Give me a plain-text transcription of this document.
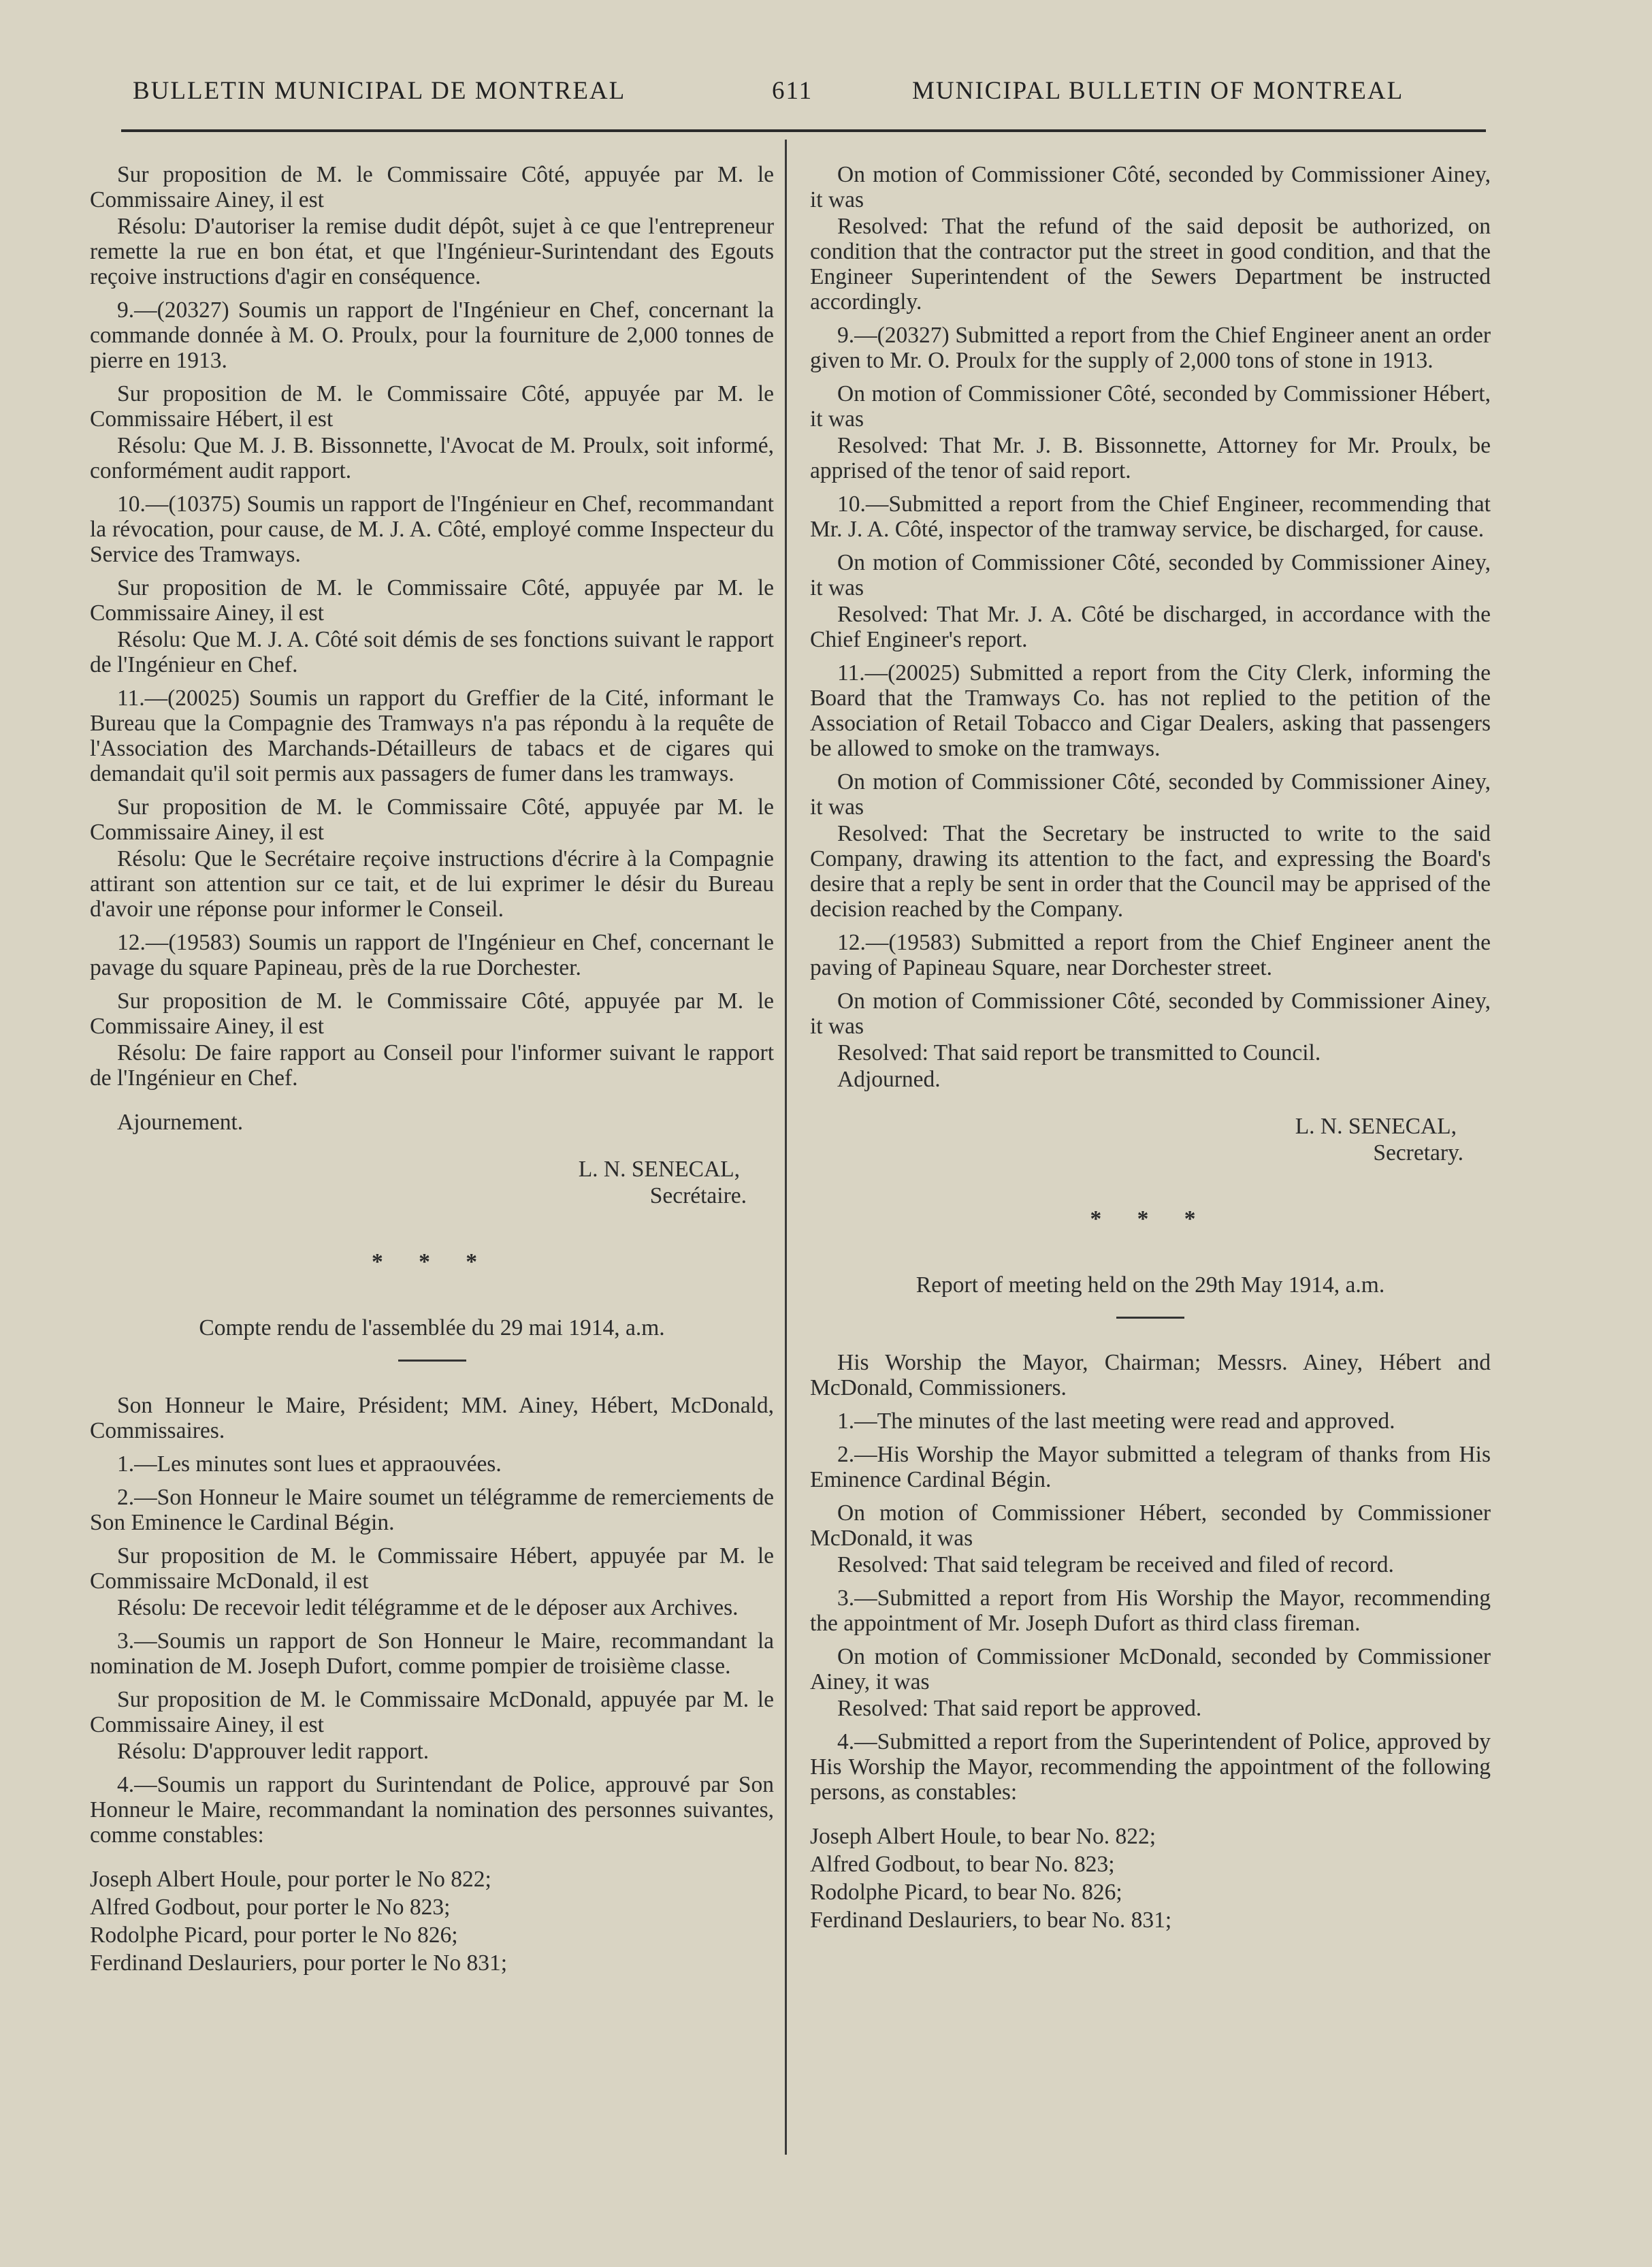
BULLETIN MUNICIPAL DE MONTREAL	611	MUNICIPAL BULLETIN OF MONTREAL

Sur proposition de M. le Commissaire Côté, appuyée par M. le Commissaire Ainey, il est

Résolu: D'autoriser la remise dudit dépôt, sujet à ce que l'entrepreneur remette la rue en bon état, et que l'Ingénieur-Surintendant des Egouts reçoive instructions d'agir en conséquence.

9.—(20327) Soumis un rapport de l'Ingénieur en Chef, concernant la commande donnée à M. O. Proulx, pour la fourniture de 2,000 tonnes de pierre en 1913.

Sur proposition de M. le Commissaire Côté, appuyée par M. le Commissaire Hébert, il est

Résolu: Que M. J. B. Bissonnette, l'Avocat de M. Proulx, soit informé, conformément audit rapport.

10.—(10375) Soumis un rapport de l'Ingénieur en Chef, recommandant la révocation, pour cause, de M. J. A. Côté, employé comme Inspecteur du Service des Tramways.

Sur proposition de M. le Commissaire Côté, appuyée par M. le Commissaire Ainey, il est

Résolu: Que M. J. A. Côté soit démis de ses fonctions suivant le rapport de l'Ingénieur en Chef.

11.—(20025) Soumis un rapport du Greffier de la Cité, informant le Bureau que la Compagnie des Tramways n'a pas répondu à la requête de l'Association des Marchands-Détailleurs de tabacs et de cigares qui demandait qu'il soit permis aux passagers de fumer dans les tramways.

Sur proposition de M. le Commissaire Côté, appuyée par M. le Commissaire Ainey, il est

Résolu: Que le Secrétaire reçoive instructions d'écrire à la Compagnie attirant son attention sur ce tait, et de lui exprimer le désir du Bureau d'avoir une réponse pour informer le Conseil.

12.—(19583) Soumis un rapport de l'Ingénieur en Chef, concernant le pavage du square Papineau, près de la rue Dorchester.

Sur proposition de M. le Commissaire Côté, appuyée par M. le Commissaire Ainey, il est

Résolu: De faire rapport au Conseil pour l'informer suivant le rapport de l'Ingénieur en Chef.

Ajournement.

L. N. SENECAL,

Secrétaire.

* * *

Compte rendu de l'assemblée du 29 mai 1914, a.m.

Son Honneur le Maire, Président; MM. Ainey, Hébert, McDonald, Commissaires.

1.—Les minutes sont lues et appraouvées.

2.—Son Honneur le Maire soumet un télégramme de remerciements de Son Eminence le Cardinal Bégin.

Sur proposition de M. le Commissaire Hébert, appuyée par M. le Commissaire McDonald, il est

Résolu: De recevoir ledit télégramme et de le déposer aux Archives.

3.—Soumis un rapport de Son Honneur le Maire, recommandant la nomination de M. Joseph Dufort, comme pompier de troisième classe.

Sur proposition de M. le Commissaire McDonald, appuyée par M. le Commissaire Ainey, il est

Résolu: D'approuver ledit rapport.

4.—Soumis un rapport du Surintendant de Police, approuvé par Son Honneur le Maire, recommandant la nomination des personnes suivantes, comme constables:

Joseph Albert Houle, pour porter le No 822;

Alfred Godbout, pour porter le No 823;

Rodolphe Picard, pour porter le No 826;

Ferdinand Deslauriers, pour porter le No 831;

On motion of Commissioner Côté, seconded by Commissioner Ainey, it was

Resolved: That the refund of the said deposit be authorized, on condition that the contractor put the street in good condition, and that the Engineer Superintendent of the Sewers Department be instructed accordingly.

9.—(20327) Submitted a report from the Chief Engineer anent an order given to Mr. O. Proulx for the supply of 2,000 tons of stone in 1913.

On motion of Commissioner Côté, seconded by Commissioner Hébert, it was

Resolved: That Mr. J. B. Bissonnette, Attorney for Mr. Proulx, be apprised of the tenor of said report.

10.—Submitted a report from the Chief Engineer, recommending that Mr. J. A. Côté, inspector of the tramway service, be discharged, for cause.

On motion of Commissioner Côté, seconded by Commissioner Ainey, it was

Resolved: That Mr. J. A. Côté be discharged, in accordance with the Chief Engineer's report.

11.—(20025) Submitted a report from the City Clerk, informing the Board that the Tramways Co. has not replied to the petition of the Association of Retail Tobacco and Cigar Dealers, asking that passengers be allowed to smoke on the tramways.

On motion of Commissioner Côté, seconded by Commissioner Ainey, it was

Resolved: That the Secretary be instructed to write to the said Company, drawing its attention to the fact, and expressing the Board's desire that a reply be sent in order that the Council may be apprised of the decision reached by the Company.

12.—(19583) Submitted a report from the Chief Engineer anent the paving of Papineau Square, near Dorchester street.

On motion of Commissioner Côté, seconded by Commissioner Ainey, it was

Resolved: That said report be transmitted to Council.

Adjourned.

L. N. SENECAL,

Secretary.

* * *

Report of meeting held on the 29th May 1914, a.m.

His Worship the Mayor, Chairman; Messrs. Ainey, Hébert and McDonald, Commissioners.

1.—The minutes of the last meeting were read and approved.

2.—His Worship the Mayor submitted a telegram of thanks from His Eminence Cardinal Bégin.

On motion of Commissioner Hébert, seconded by Commissioner McDonald, it was

Resolved: That said telegram be received and filed of record.

3.—Submitted a report from His Worship the Mayor, recommending the appointment of Mr. Joseph Dufort as third class fireman.

On motion of Commissioner McDonald, seconded by Commissioner Ainey, it was

Resolved: That said report be approved.

4.—Submitted a report from the Superintendent of Police, approved by His Worship the Mayor, recommending the appointment of the following persons, as constables:

Joseph Albert Houle, to bear No. 822;

Alfred Godbout, to bear No. 823;

Rodolphe Picard, to bear No. 826;

Ferdinand Deslauriers, to bear No. 831;
